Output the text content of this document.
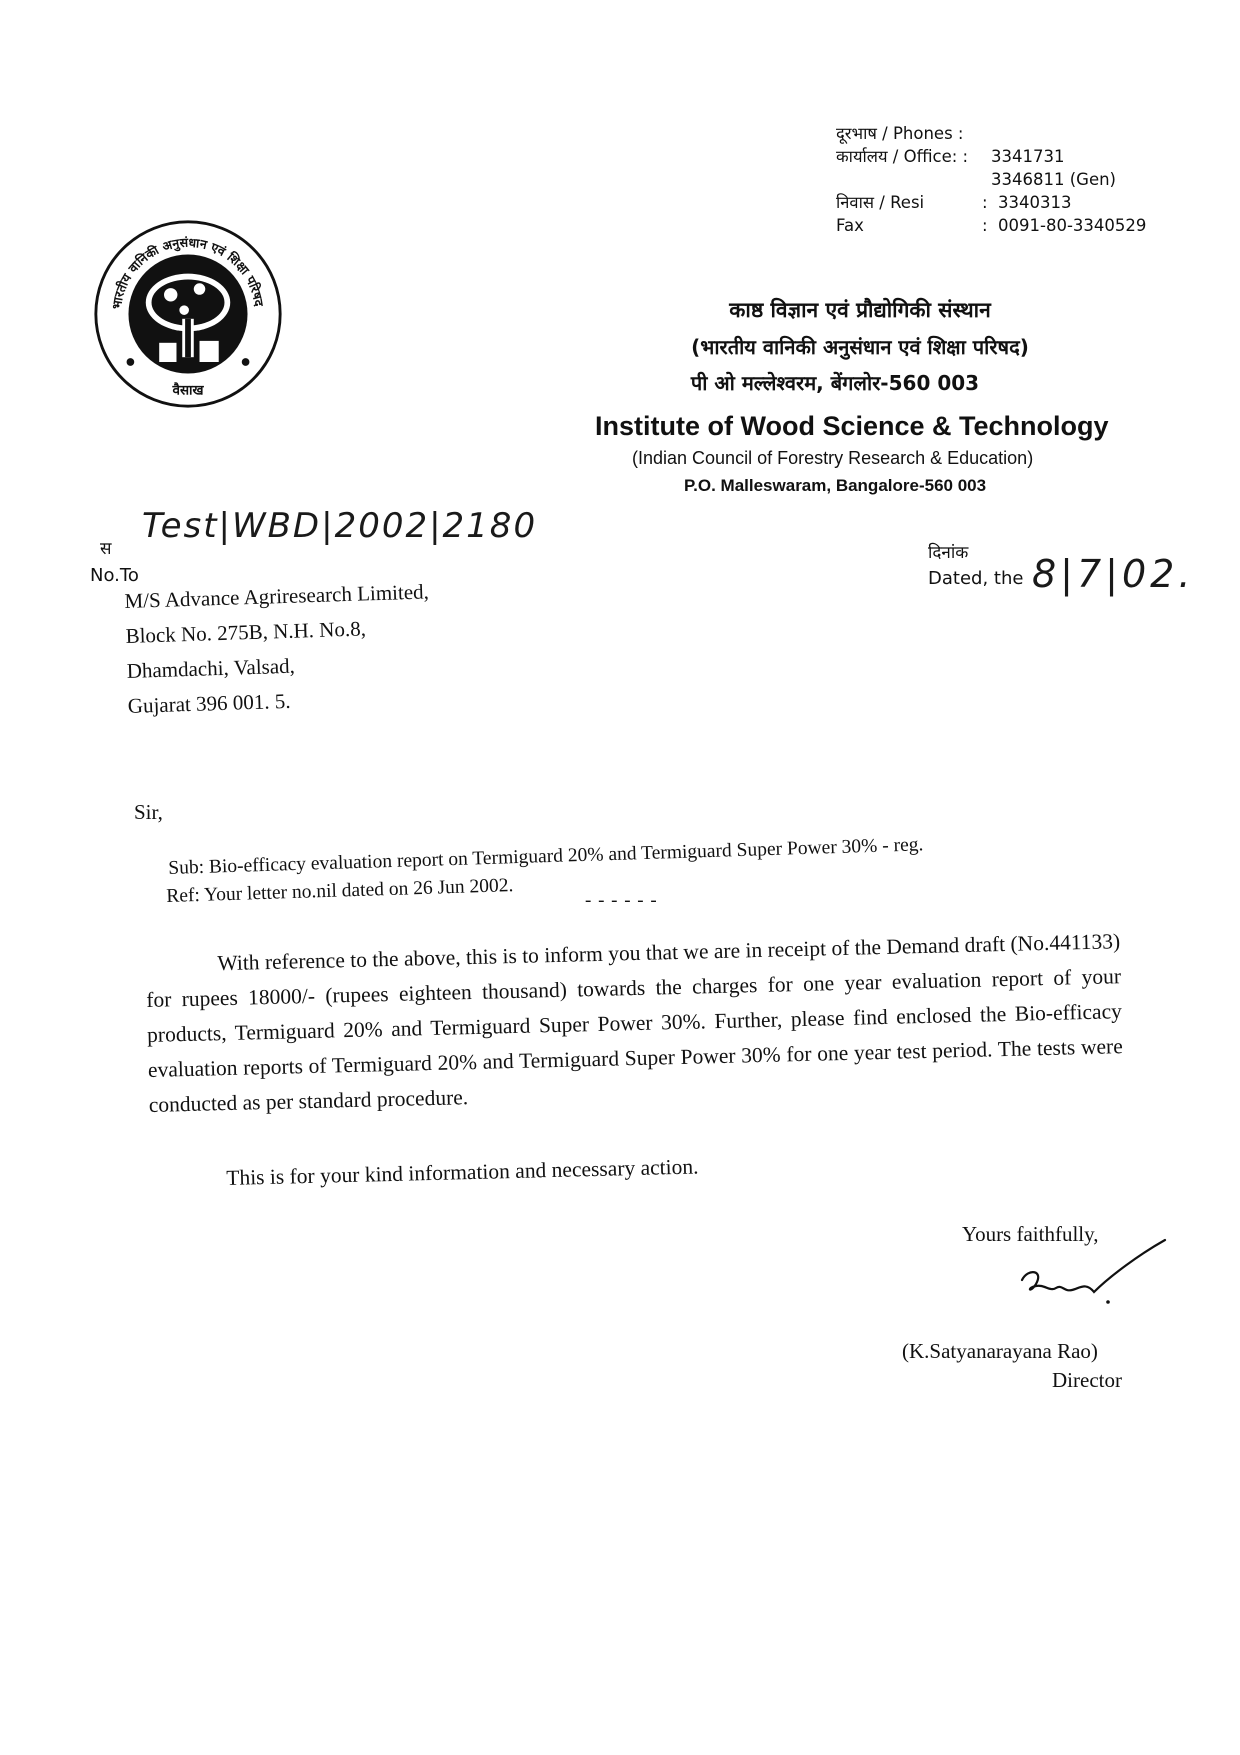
दूरभाष / Phones :
कार्यालय / Office: :	3341731
3346811 (Gen)
निवास / Resi	: 3340313
Fax	: 0091-80-3340529
भारतीय वानिकी अनुसंधान एवं शिक्षा परिषद
वैसाख
काष्ठ विज्ञान एवं प्रौद्योगिकी संस्थान
(भारतीय वानिकी अनुसंधान एवं शिक्षा परिषद)
पी ओ मल्लेश्वरम, बेंगलोर-560 003
Institute of Wood Science & Technology
(Indian Council of Forestry Research & Education)
P.O. Malleswaram, Bangalore-560 003
स
Test|WBD|2002|2180
No.To
दिनांक
Dated, the 8|7|02.
M/S Advance Agriresearch Limited,
Block No. 275B, N.H. No.8,
Dhamdachi, Valsad,
Gujarat 396 001. 5.
Sir,
Sub: Bio-efficacy evaluation report on Termiguard 20% and Termiguard Super Power 30% - reg.
Ref: Your letter no.nil dated on 26 Jun 2002.	- - - - - -

With reference to the above, this is to inform you that we are in receipt of the Demand draft (No.441133) for rupees 18000/- (rupees eighteen thousand) towards the charges for one year evaluation report of your products, Termiguard 20% and Termiguard Super Power 30%. Further, please find enclosed the Bio-efficacy evaluation reports of Termiguard 20% and Termiguard Super Power 30% for one year test period. The tests were conducted as per standard procedure.

This is for your kind information and necessary action.
Yours faithfully,
(K.Satyanarayana Rao)
Director
